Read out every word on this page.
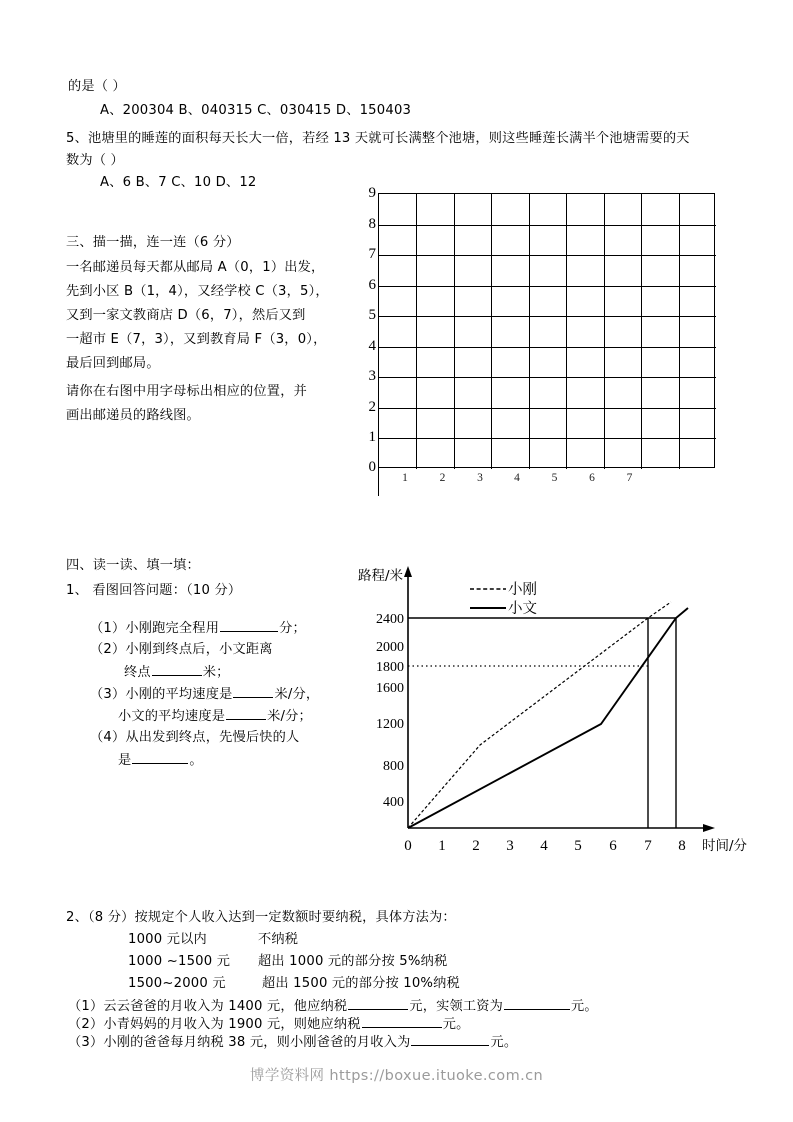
的是（ ）
A、200304 B、040315 C、030415 D、150403
5、池塘里的睡莲的面积每天长大一倍，若经 13 天就可长满整个池塘，则这些睡莲长满半个池塘需要的天
数为（ ）
A、6 B、7 C、10 D、12
三、描一描，连一连（6 分）
一名邮递员每天都从邮局 A（0，1）出发，
先到小区 B（1，4），又经学校 C（3，5），
又到一家文教商店 D（6，7），然后又到
一超市 E（7，3），又到教育局 F（3，0），
最后回到邮局。
请你在右图中用字母标出相应的位置，并
画出邮递员的路线图。
9
8
7
6
5
4
3
2
1
0
1	2	3	4	5	6	7
四、读一读、填一填：
1、 看图回答问题：（10 分）
（1）小刚跑完全程用	分；
（2）小刚到终点后，小文距离
终点	米；
（3）小刚的平均速度是	米/分，
小文的平均速度是	米/分；
（4）从出发到终点，先慢后快的人
是	。
小刚
小文
路程/米
2400
2000
1800
1600
1200
800
400
0 1 2 3 4 5 6 7 8 时间/分
2、（8 分）按规定个人收入达到一定数额时要纳税，具体方法为：
1000 元以内	不纳税
1000 ~1500 元 超出 1000 元的部分按 5%纳税
1500~2000 元	超出 1500 元的部分按 10%纳税
（1）云云爸爸的月收入为 1400 元，他应纳税	元，实领工资为	元。
（2）小青妈妈的月收入为 1900 元，则她应纳税	元。
（3）小刚的爸爸每月纳税 38 元，则小刚爸爸的月收入为	元。
博学资料网 https://boxue.ituoke.com.cn
